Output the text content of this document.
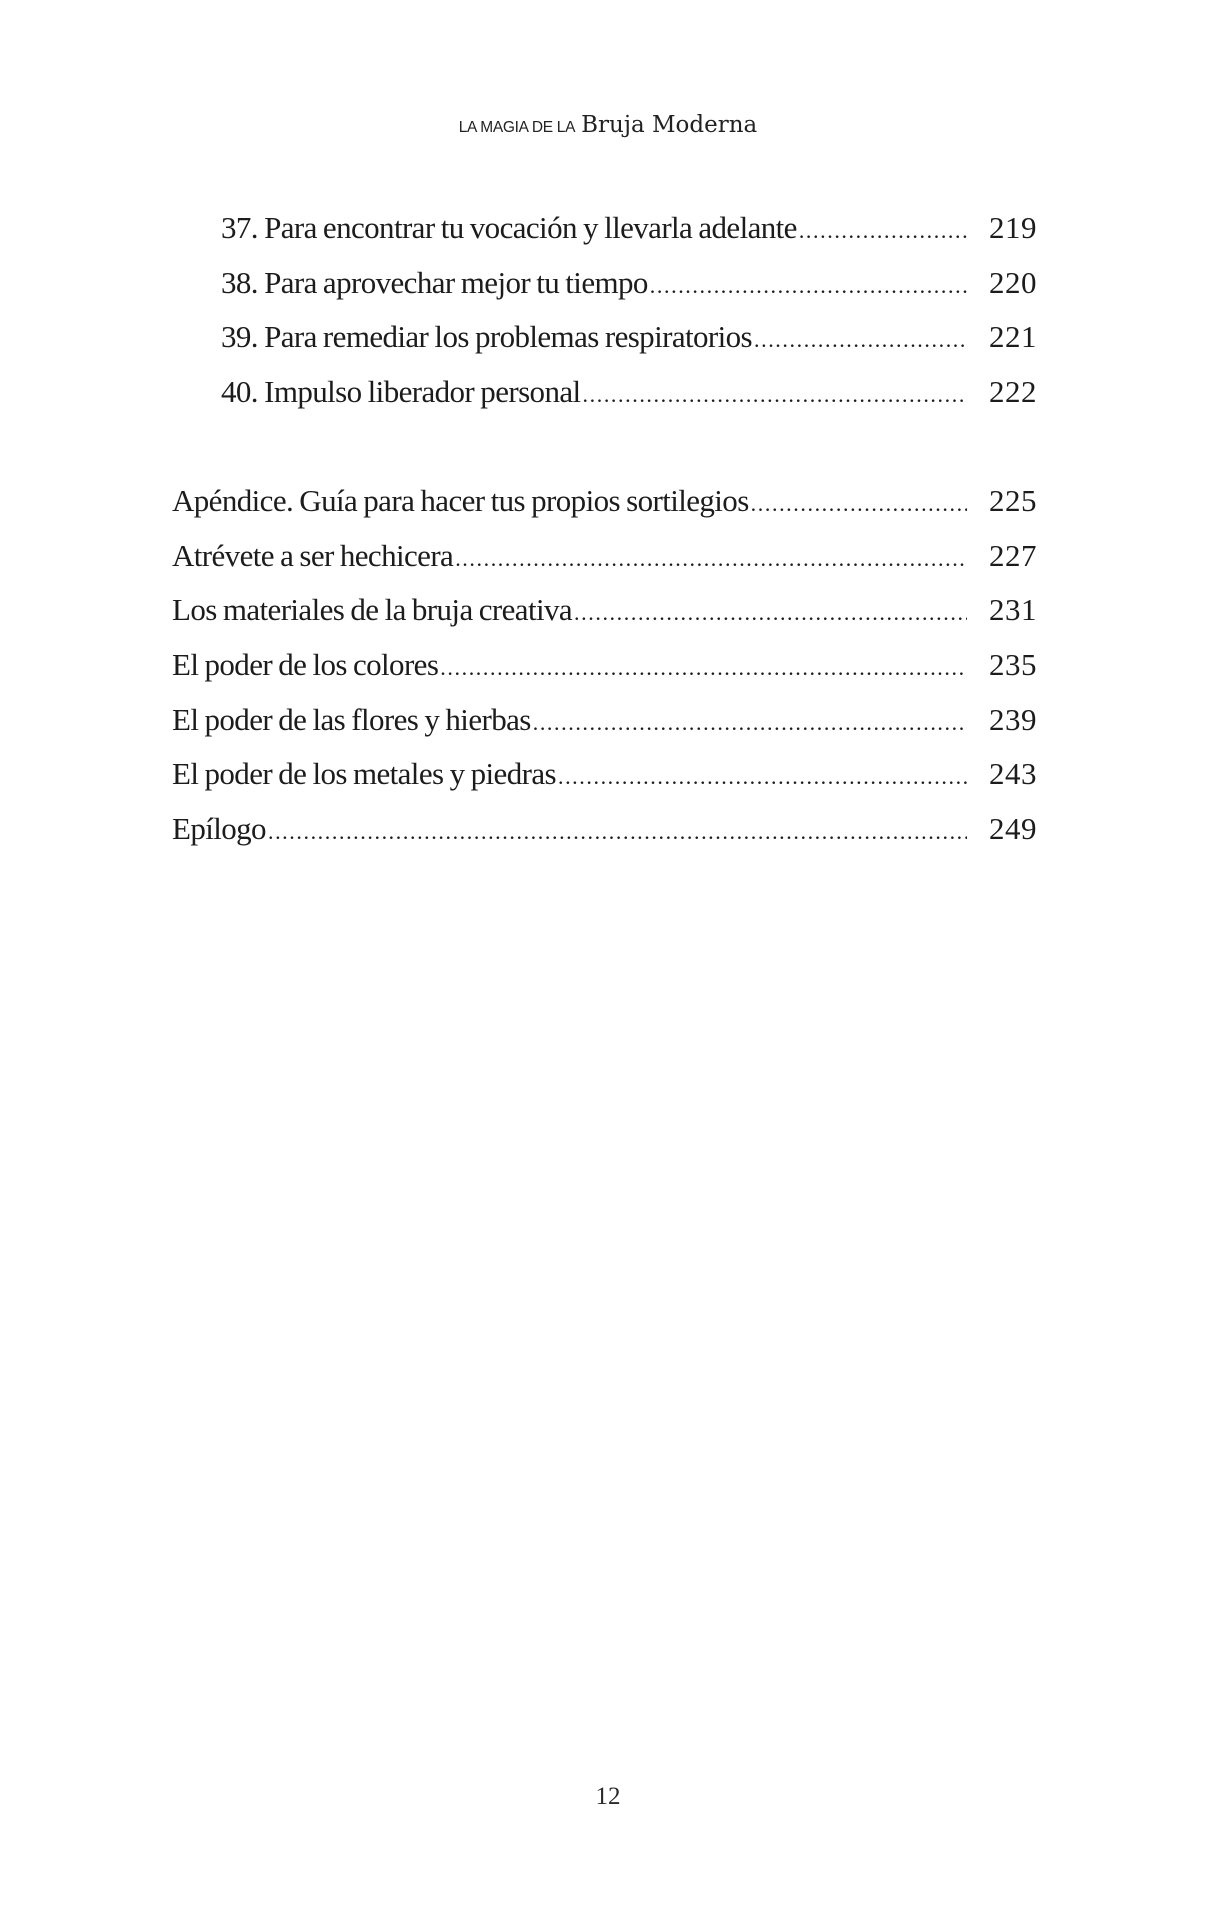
LA MAGIA DE LA Bruja Moderna
37. Para encontrar tu vocación y llevarla adelante .....	219
38. Para aprovechar mejor tu tiempo .....	220
39. Para remediar los problemas respiratorios .....	221
40. Impulso liberador personal .....	222
Apéndice. Guía para hacer tus propios sortilegios .....	225
Atrévete a ser hechicera .....	227
Los materiales de la bruja creativa .....	231
El poder de los colores .....	235
El poder de las flores y hierbas .....	239
El poder de los metales y piedras .....	243
Epílogo .....	249
12
